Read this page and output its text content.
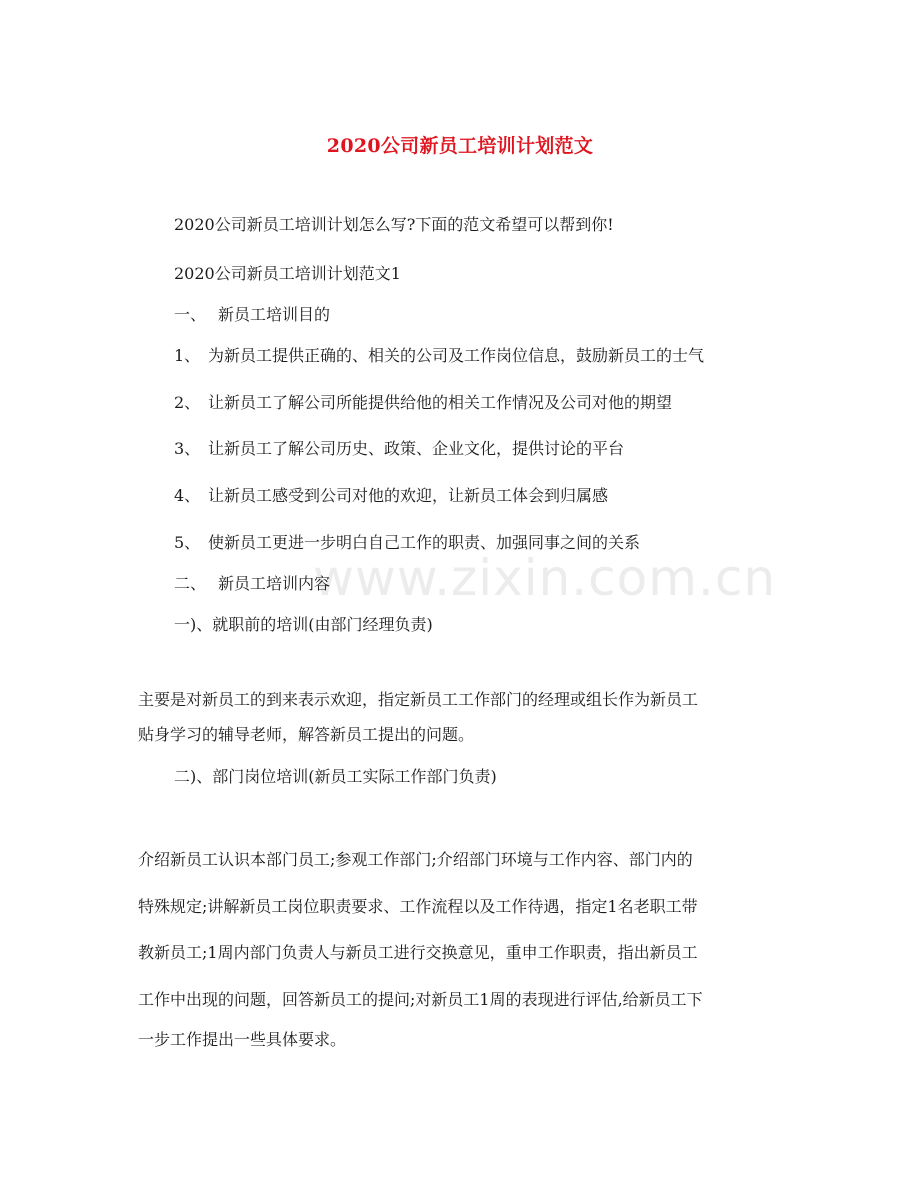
www.zixin.com.cn
2020公司新员工培训计划范文
2020公司新员工培训计划怎么写?下面的范文希望可以帮到你!
2020公司新员工培训计划范文1
一、 新员工培训目的
1、 为新员工提供正确的、相关的公司及工作岗位信息，鼓励新员工的士气
2、 让新员工了解公司所能提供给他的相关工作情况及公司对他的期望
3、 让新员工了解公司历史、政策、企业文化，提供讨论的平台
4、 让新员工感受到公司对他的欢迎，让新员工体会到归属感
5、 使新员工更进一步明白自己工作的职责、加强同事之间的关系
二、 新员工培训内容
一)、就职前的培训(由部门经理负责)
主要是对新员工的到来表示欢迎，指定新员工工作部门的经理或组长作为新员工
贴身学习的辅导老师，解答新员工提出的问题。
二)、部门岗位培训(新员工实际工作部门负责)
介绍新员工认识本部门员工;参观工作部门;介绍部门环境与工作内容、部门内的
特殊规定;讲解新员工岗位职责要求、工作流程以及工作待遇，指定1名老职工带
教新员工;1周内部门负责人与新员工进行交换意见，重申工作职责，指出新员工
工作中出现的问题，回答新员工的提问;对新员工1周的表现进行评估,给新员工下
一步工作提出一些具体要求。
